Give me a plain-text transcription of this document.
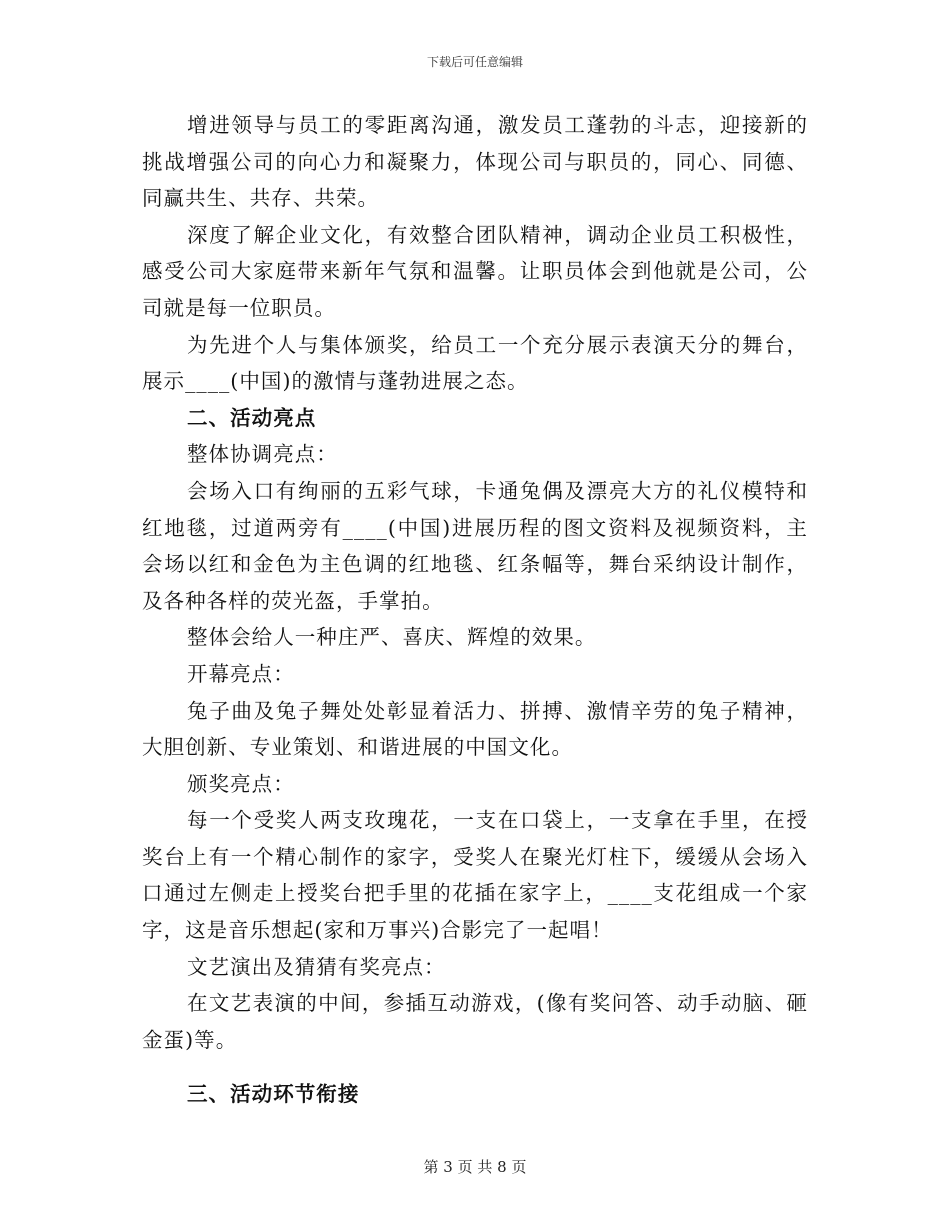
下载后可任意编辑

增进领导与员工的零距离沟通，激发员工蓬勃的斗志，迎接新的挑战增强公司的向心力和凝聚力，体现公司与职员的，同心、同德、同赢共生、共存、共荣。

深度了解企业文化，有效整合团队精神，调动企业员工积极性，感受公司大家庭带来新年气氛和温馨。让职员体会到他就是公司，公司就是每一位职员。

为先进个人与集体颁奖，给员工一个充分展示表演天分的舞台，展示____(中国)的激情与蓬勃进展之态。

二、活动亮点

整体协调亮点：

会场入口有绚丽的五彩气球，卡通兔偶及漂亮大方的礼仪模特和红地毯，过道两旁有____(中国)进展历程的图文资料及视频资料，主会场以红和金色为主色调的红地毯、红条幅等，舞台采纳设计制作，及各种各样的荧光盔，手掌拍。

整体会给人一种庄严、喜庆、辉煌的效果。

开幕亮点：

兔子曲及兔子舞处处彰显着活力、拼搏、激情辛劳的兔子精神，大胆创新、专业策划、和谐进展的中国文化。

颁奖亮点：

每一个受奖人两支玫瑰花，一支在口袋上，一支拿在手里，在授奖台上有一个精心制作的家字，受奖人在聚光灯柱下，缓缓从会场入口通过左侧走上授奖台把手里的花插在家字上，____支花组成一个家字，这是音乐想起(家和万事兴)合影完了一起唱！

文艺演出及猜猜有奖亮点：

在文艺表演的中间，参插互动游戏，(像有奖问答、动手动脑、砸金蛋)等。

三、活动环节衔接

第 3 页 共 8 页
